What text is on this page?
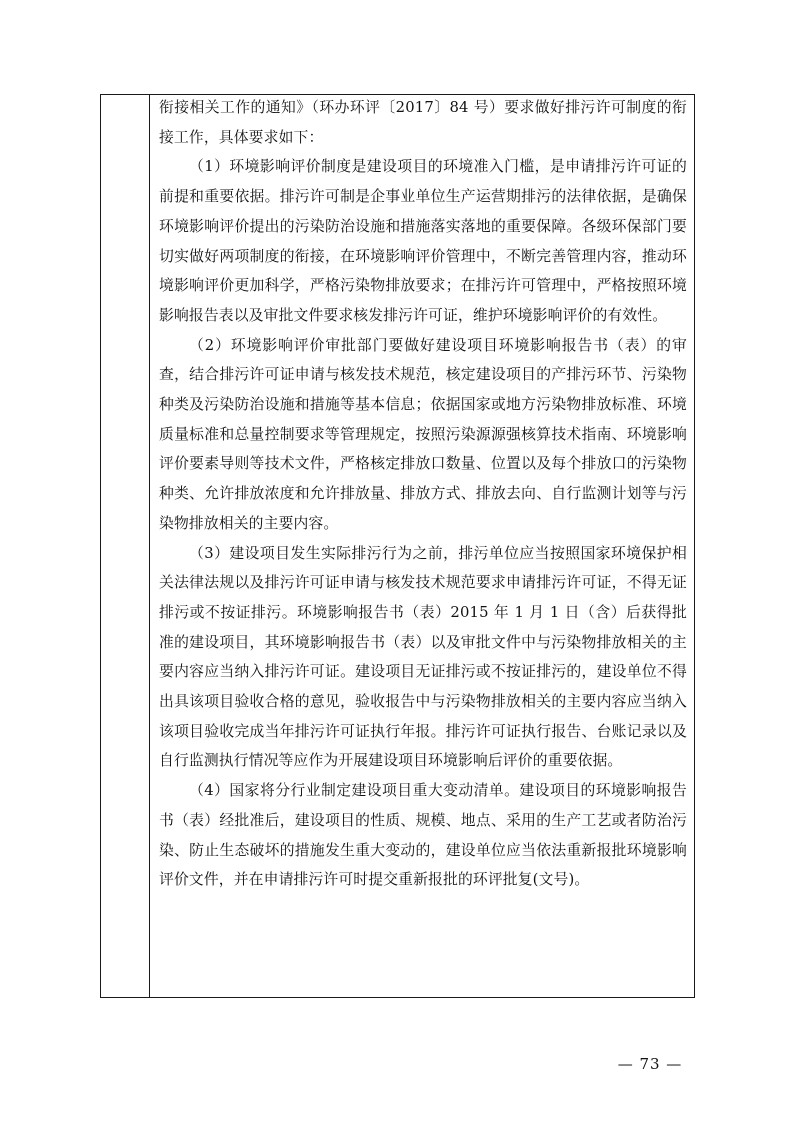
衔接相关工作的通知》（环办环评〔2017〕84 号）要求做好排污许可制度的衔接工作，具体要求如下：

（1）环境影响评价制度是建设项目的环境准入门槛，是申请排污许可证的前提和重要依据。排污许可制是企事业单位生产运营期排污的法律依据，是确保环境影响评价提出的污染防治设施和措施落实落地的重要保障。各级环保部门要切实做好两项制度的衔接，在环境影响评价管理中，不断完善管理内容，推动环境影响评价更加科学，严格污染物排放要求；在排污许可管理中，严格按照环境影响报告表以及审批文件要求核发排污许可证，维护环境影响评价的有效性。

（2）环境影响评价审批部门要做好建设项目环境影响报告书（表）的审查，结合排污许可证申请与核发技术规范，核定建设项目的产排污环节、污染物种类及污染防治设施和措施等基本信息；依据国家或地方污染物排放标准、环境质量标准和总量控制要求等管理规定，按照污染源源强核算技术指南、环境影响评价要素导则等技术文件，严格核定排放口数量、位置以及每个排放口的污染物种类、允许排放浓度和允许排放量、排放方式、排放去向、自行监测计划等与污染物排放相关的主要内容。

（3）建设项目发生实际排污行为之前，排污单位应当按照国家环境保护相关法律法规以及排污许可证申请与核发技术规范要求申请排污许可证，不得无证排污或不按证排污。环境影响报告书（表）2015 年 1 月 1 日（含）后获得批准的建设项目，其环境影响报告书（表）以及审批文件中与污染物排放相关的主要内容应当纳入排污许可证。建设项目无证排污或不按证排污的，建设单位不得出具该项目验收合格的意见，验收报告中与污染物排放相关的主要内容应当纳入该项目验收完成当年排污许可证执行年报。排污许可证执行报告、台账记录以及自行监测执行情况等应作为开展建设项目环境影响后评价的重要依据。

（4）国家将分行业制定建设项目重大变动清单。建设项目的环境影响报告书（表）经批准后，建设项目的性质、规模、地点、采用的生产工艺或者防治污染、防止生态破坏的措施发生重大变动的，建设单位应当依法重新报批环境影响评价文件，并在申请排污许可时提交重新报批的环评批复(文号)。

— 73 —
